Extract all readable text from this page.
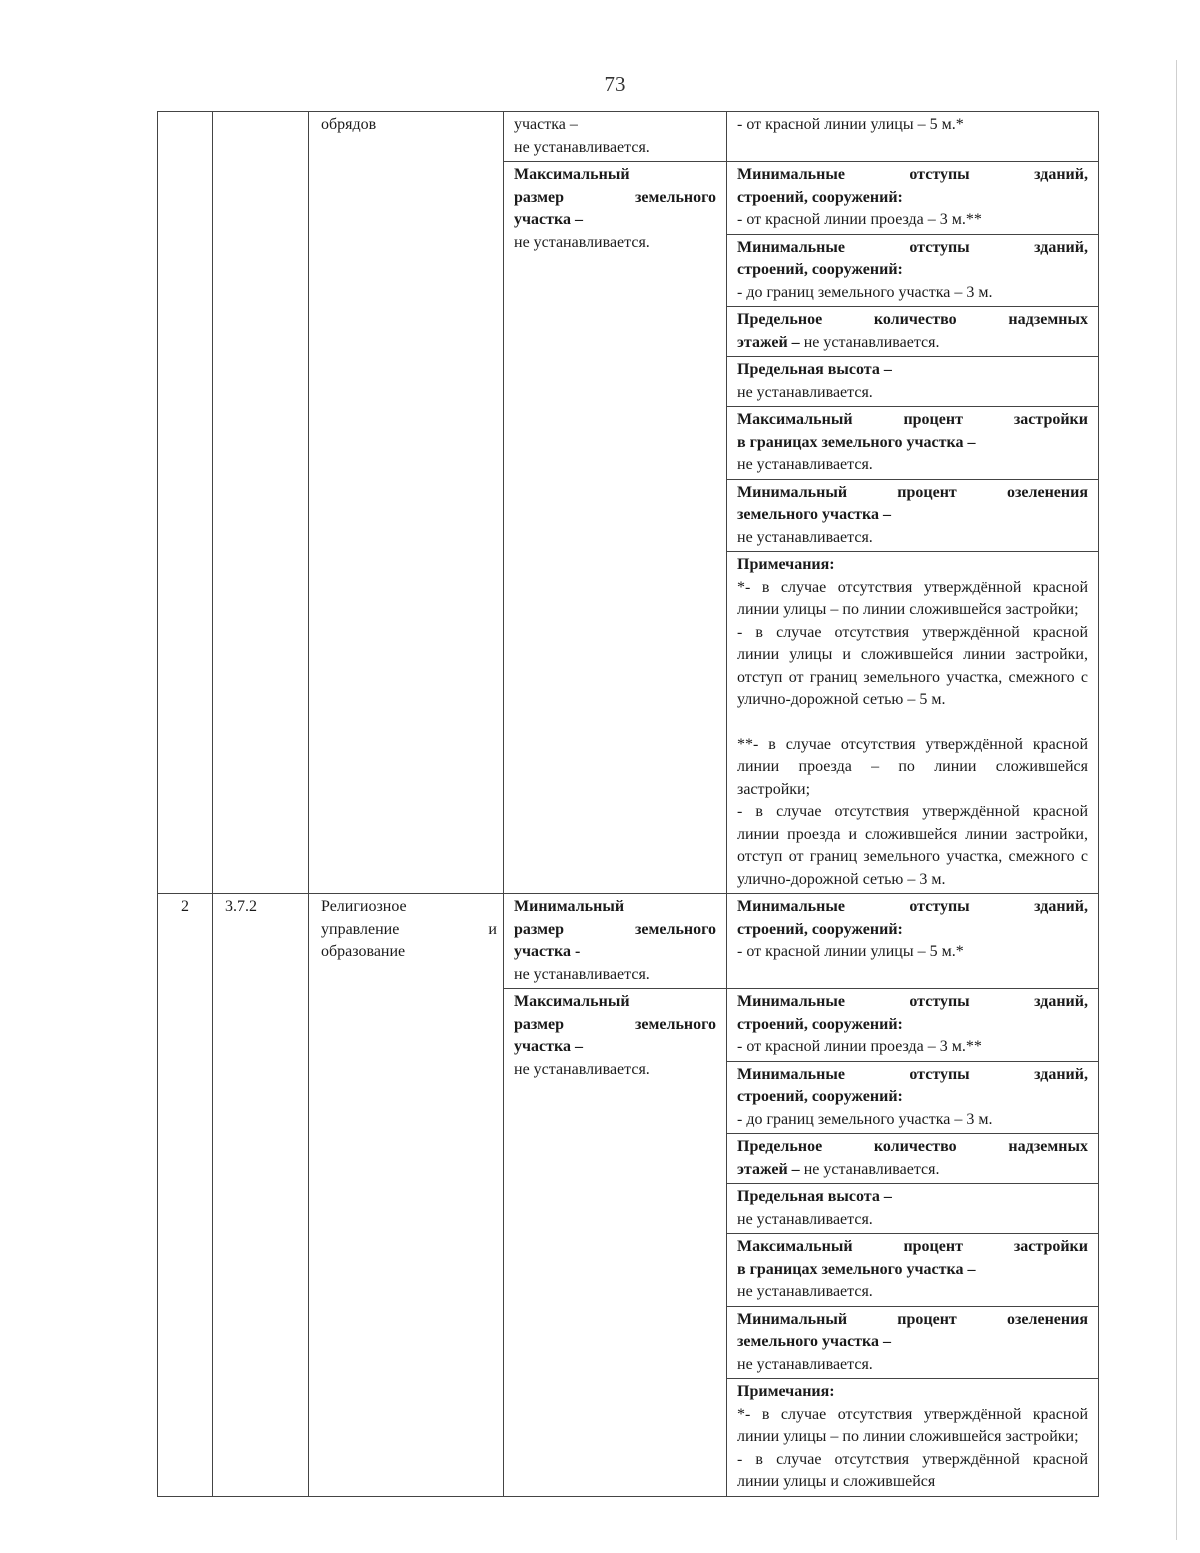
73

		обрядов	участка –
не устанавливается.	- от красной линии улицы – 5 м.*

			Максимальный
размер земельного
участка –
не устанавливается.	Минимальные отступы зданий,
строений, сооружений:
- от красной линии проезда – 3 м.**

				Минимальные отступы зданий,
строений, сооружений:
- до границ земельного участка – 3 м.

				Предельное количество надземных
этажей – не устанавливается.

				Предельная высота –
не устанавливается.

				Максимальный процент застройки
в границах земельного участка –
не устанавливается.

				Минимальный процент озеленения
земельного участка –
не устанавливается.

				Примечания:
*- в случае отсутствия утверждённой красной линии улицы – по линии сложившейся застройки;
- в случае отсутствия утверждённой красной линии улицы и сложившейся линии застройки, отступ от границ земельного участка, смежного с улично-дорожной сетью – 5 м.
**- в случае отсутствия утверждённой красной линии проезда – по линии сложившейся застройки;
- в случае отсутствия утверждённой красной линии проезда и сложившейся линии застройки, отступ от границ земельного участка, смежного с улично-дорожной сетью – 3 м.

2	3.7.2	Религиозное
управление и
образование	Минимальный
размер земельного
участка -
не устанавливается.	Минимальные отступы зданий,
строений, сооружений:
- от красной линии улицы – 5 м.*

			Максимальный
размер земельного
участка –
не устанавливается.	Минимальные отступы зданий,
строений, сооружений:
- от красной линии проезда – 3 м.**

				Минимальные отступы зданий,
строений, сооружений:
- до границ земельного участка – 3 м.

				Предельное количество надземных
этажей – не устанавливается.

				Предельная высота –
не устанавливается.

				Максимальный процент застройки
в границах земельного участка –
не устанавливается.

				Минимальный процент озеленения
земельного участка –
не устанавливается.

				Примечания:
*- в случае отсутствия утверждённой красной линии улицы – по линии сложившейся застройки;
- в случае отсутствия утверждённой красной линии улицы и сложившейся
